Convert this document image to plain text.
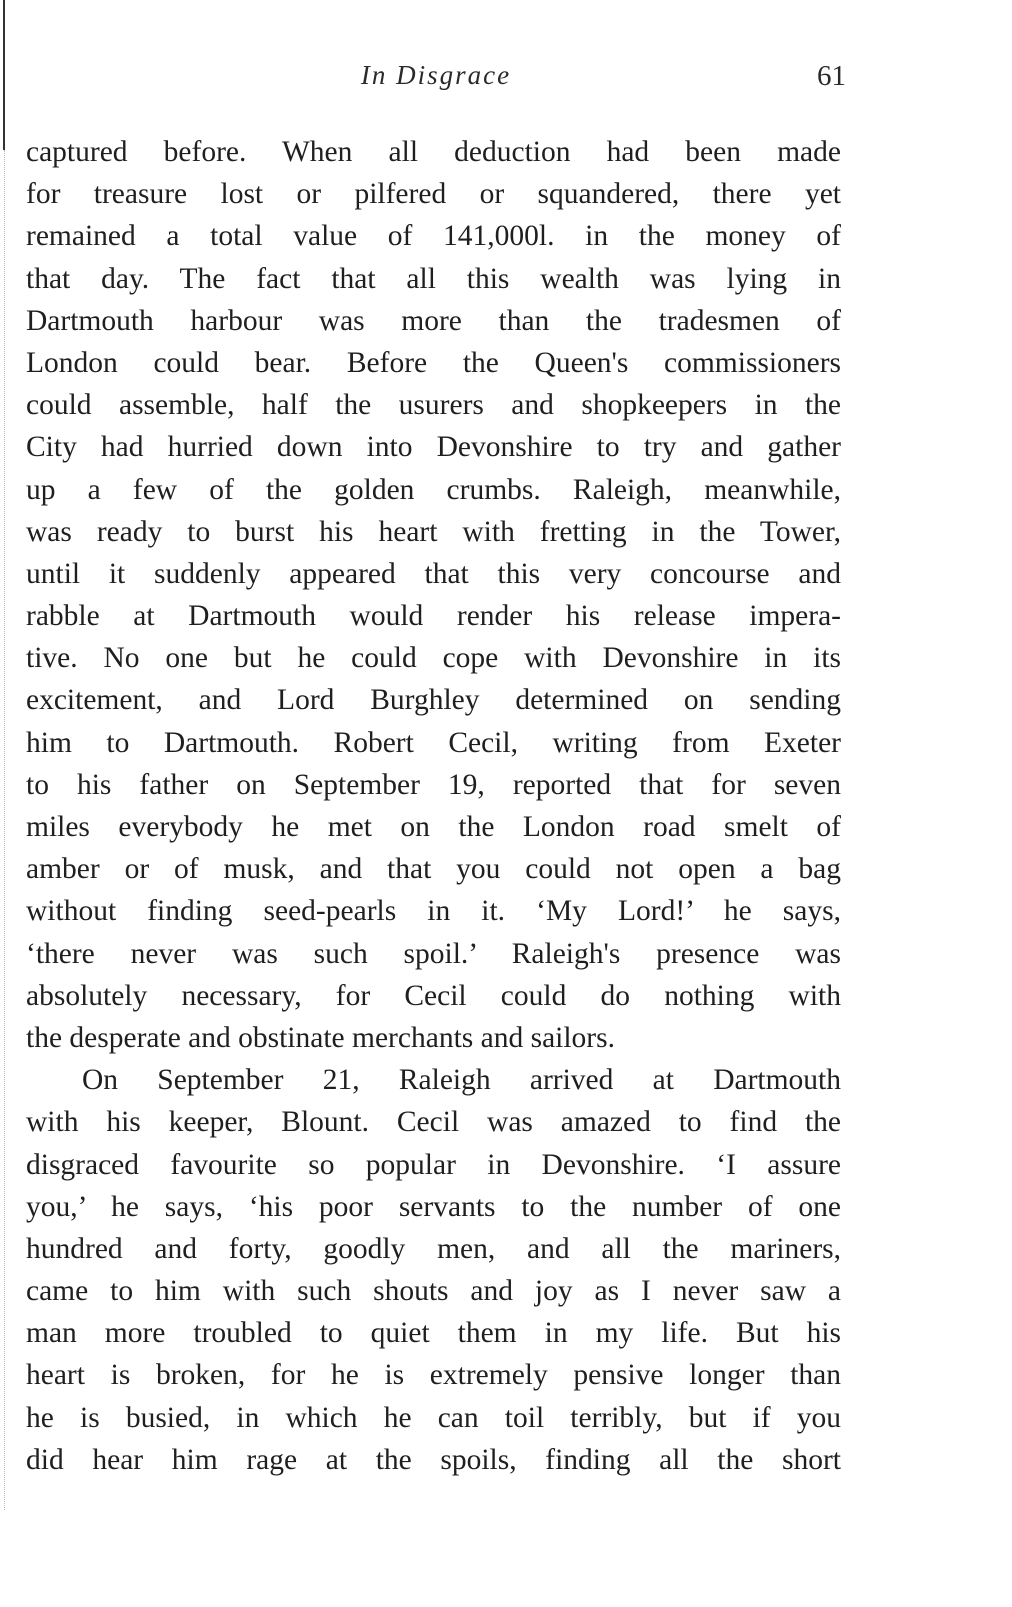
In Disgrace	61
captured before. When all deduction had been made
for treasure lost or pilfered or squandered, there yet
remained a total value of 141,000l. in the money of
that day. The fact that all this wealth was lying in
Dartmouth harbour was more than the tradesmen of
London could bear. Before the Queen's commissioners
could assemble, half the usurers and shopkeepers in the
City had hurried down into Devonshire to try and gather
up a few of the golden crumbs. Raleigh, meanwhile,
was ready to burst his heart with fretting in the Tower,
until it suddenly appeared that this very concourse and
rabble at Dartmouth would render his release impera-
tive. No one but he could cope with Devonshire in its
excitement, and Lord Burghley determined on sending
him to Dartmouth. Robert Cecil, writing from Exeter
to his father on September 19, reported that for seven
miles everybody he met on the London road smelt of
amber or of musk, and that you could not open a bag
without finding seed-pearls in it. ‘My Lord!’ he says,
‘there never was such spoil.’ Raleigh's presence was
absolutely necessary, for Cecil could do nothing with
the desperate and obstinate merchants and sailors.
On September 21, Raleigh arrived at Dartmouth
with his keeper, Blount. Cecil was amazed to find the
disgraced favourite so popular in Devonshire. ‘I assure
you,’ he says, ‘his poor servants to the number of one
hundred and forty, goodly men, and all the mariners,
came to him with such shouts and joy as I never saw a
man more troubled to quiet them in my life. But his
heart is broken, for he is extremely pensive longer than
he is busied, in which he can toil terribly, but if you
did hear him rage at the spoils, finding all the short
